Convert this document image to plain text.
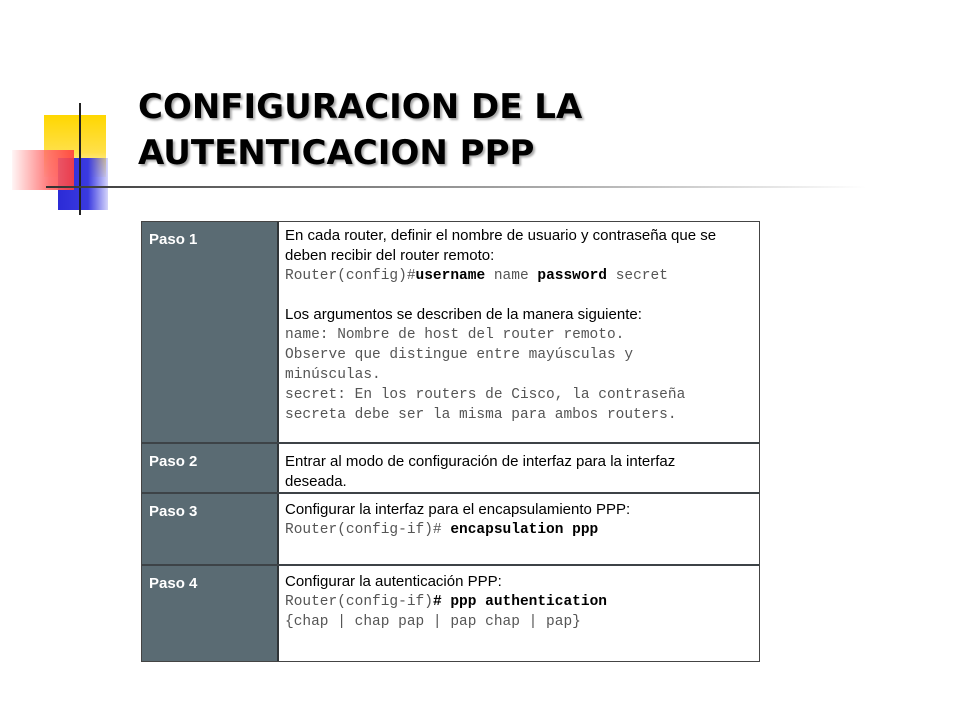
CONFIGURACION DE LA
AUTENTICACION PPP
Paso 1	En cada router, definir el nombre de usuario y contraseña que se
deben recibir del router remoto:
Router(config)#username name password secret
Los argumentos se describen de la manera siguiente:
name: Nombre de host del router remoto.
Observe que distingue entre mayúsculas y
minúsculas.
secret: En los routers de Cisco, la contraseña
secreta debe ser la misma para ambos routers.
Paso 2	Entrar al modo de configuración de interfaz para la interfaz
deseada.
Paso 3	Configurar la interfaz para el encapsulamiento PPP:
Router(config-if)# encapsulation ppp
Paso 4	Configurar la autenticación PPP:
Router(config-if)# ppp authentication
{chap | chap pap | pap chap | pap}
